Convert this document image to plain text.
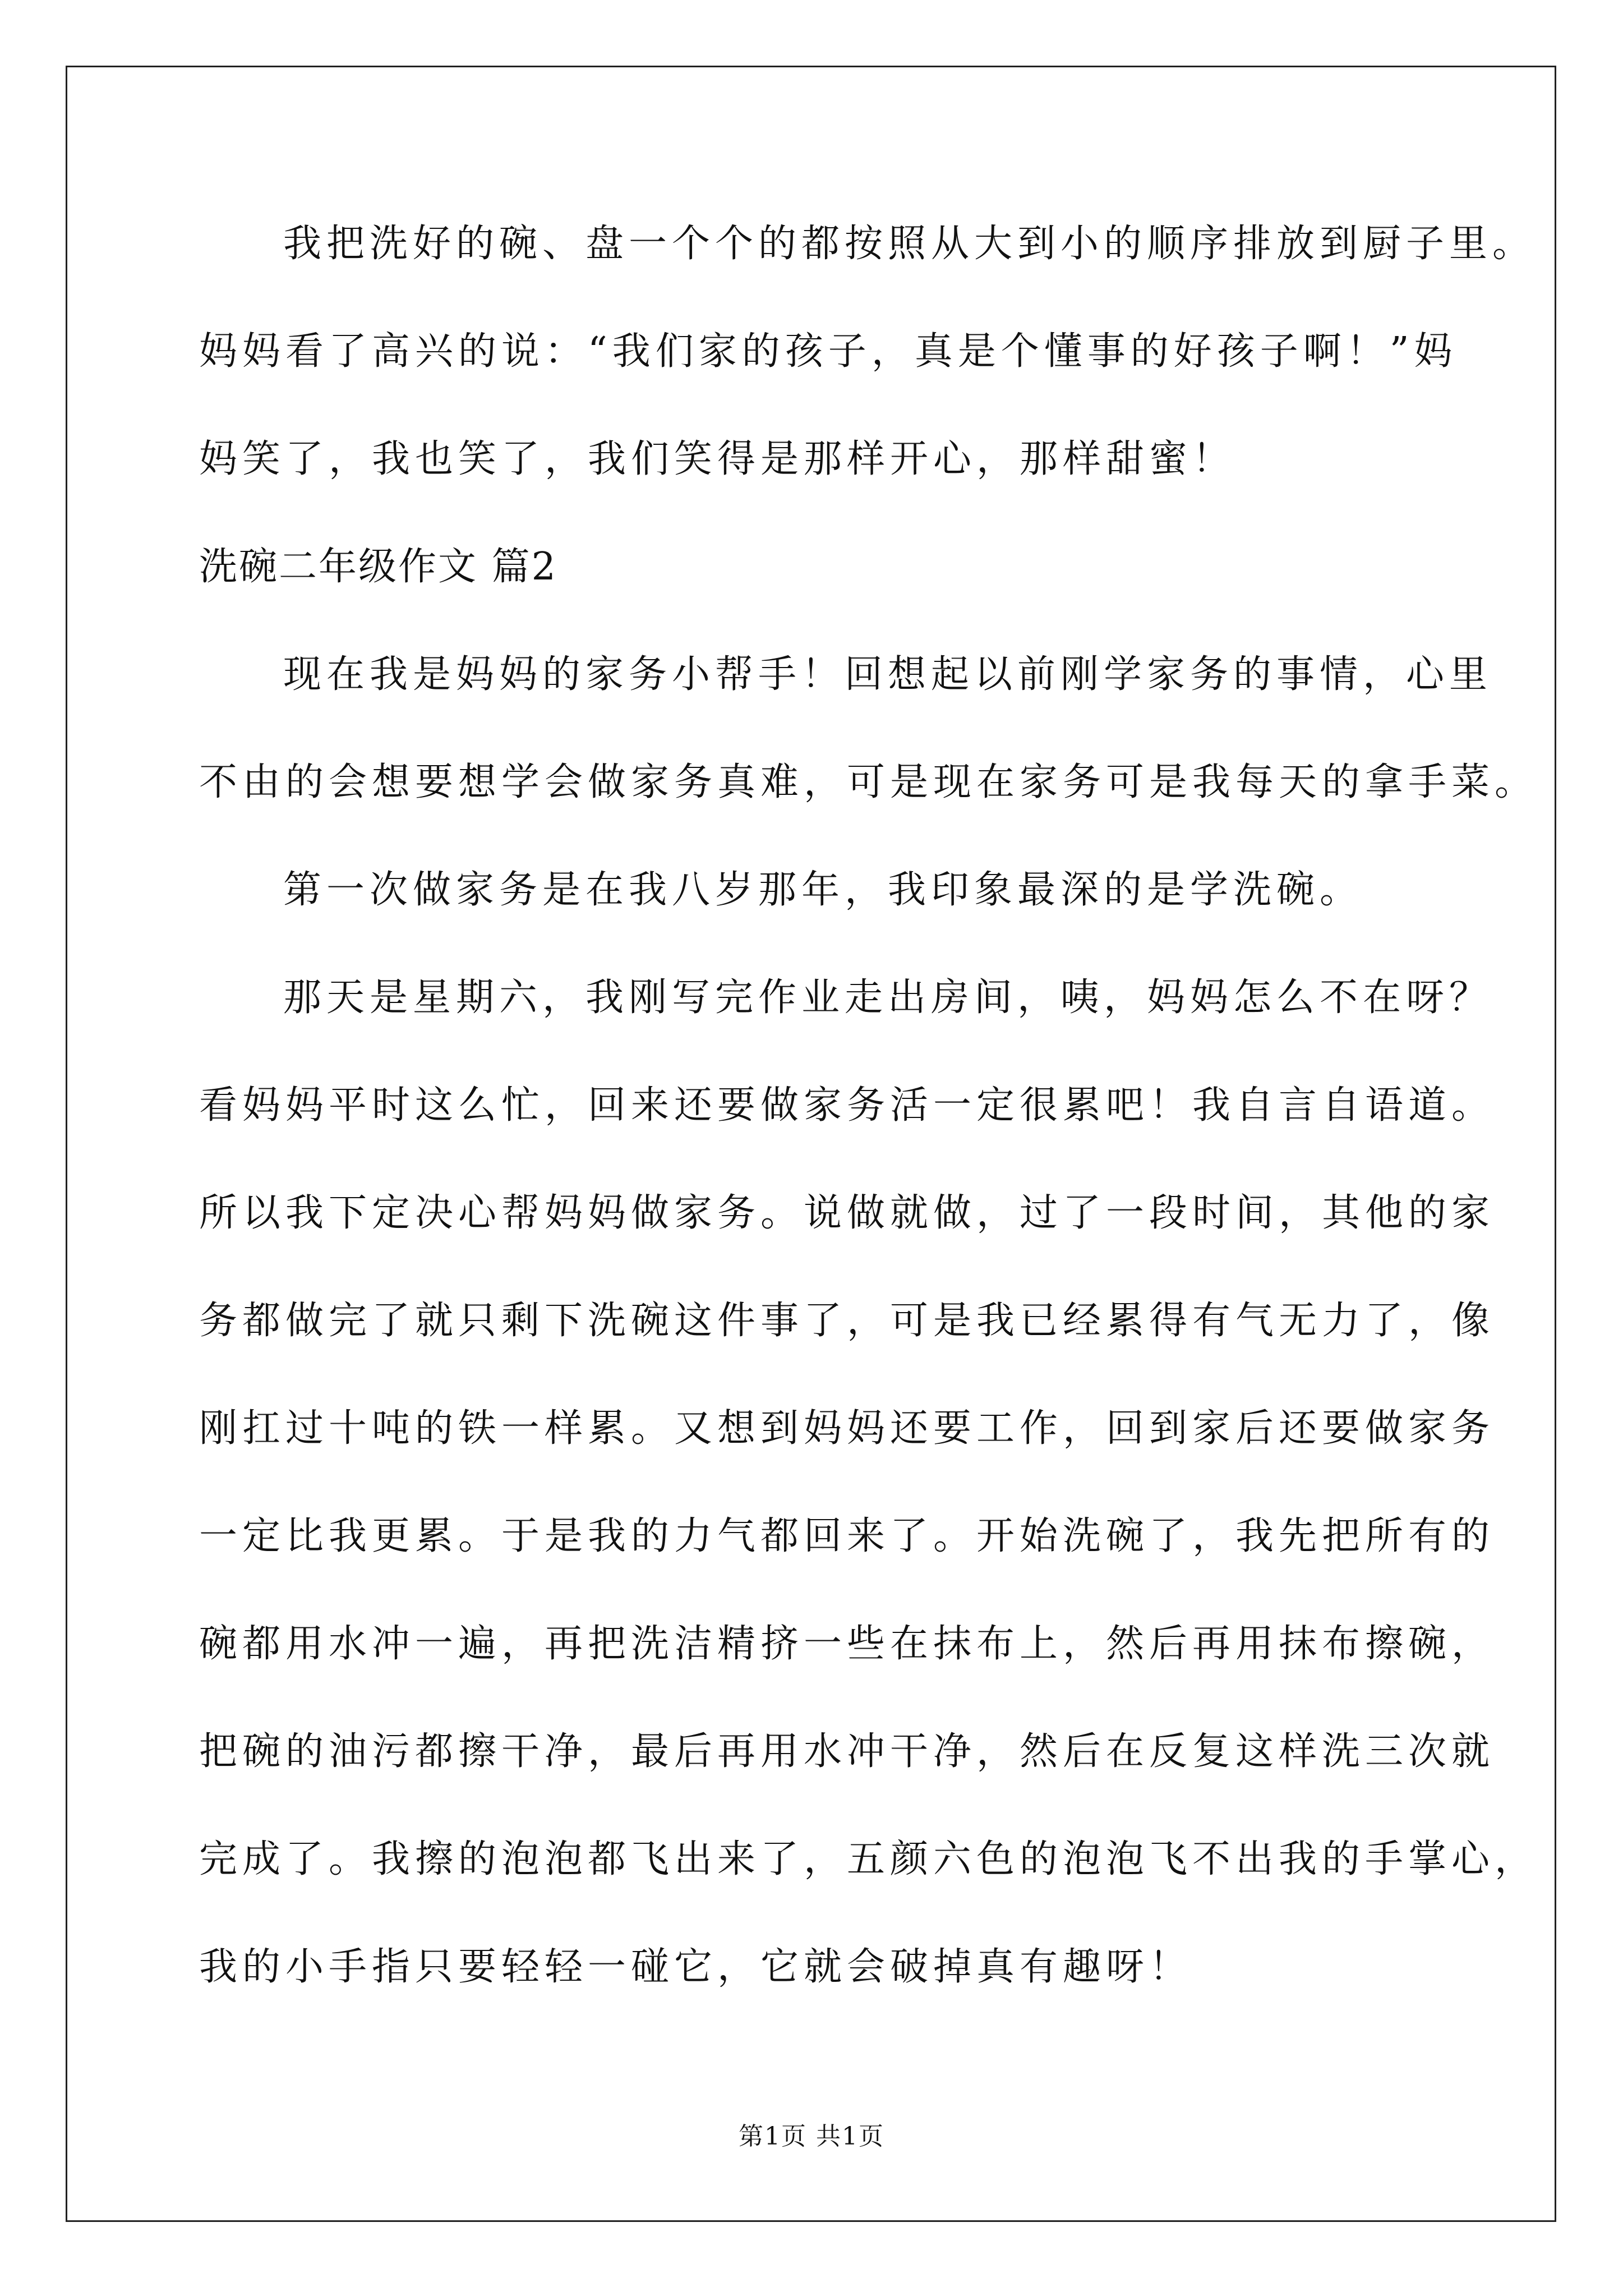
我把洗好的碗、盘一个个的都按照从大到小的顺序排放到厨子里。
妈妈看了高兴的说：“我们家的孩子，真是个懂事的好孩子啊！”妈
妈笑了，我也笑了，我们笑得是那样开心，那样甜蜜！
洗碗二年级作文 篇2
现在我是妈妈的家务小帮手！回想起以前刚学家务的事情，心里
不由的会想要想学会做家务真难，可是现在家务可是我每天的拿手菜。
第一次做家务是在我八岁那年，我印象最深的是学洗碗。
那天是星期六，我刚写完作业走出房间，咦，妈妈怎么不在呀？
看妈妈平时这么忙，回来还要做家务活一定很累吧！我自言自语道。
所以我下定决心帮妈妈做家务。说做就做，过了一段时间，其他的家
务都做完了就只剩下洗碗这件事了，可是我已经累得有气无力了，像
刚扛过十吨的铁一样累。又想到妈妈还要工作，回到家后还要做家务
一定比我更累。于是我的力气都回来了。开始洗碗了，我先把所有的
碗都用水冲一遍，再把洗洁精挤一些在抹布上，然后再用抹布擦碗，
把碗的油污都擦干净，最后再用水冲干净，然后在反复这样洗三次就
完成了。我擦的泡泡都飞出来了，五颜六色的泡泡飞不出我的手掌心，
我的小手指只要轻轻一碰它，它就会破掉真有趣呀！
第1页 共1页
